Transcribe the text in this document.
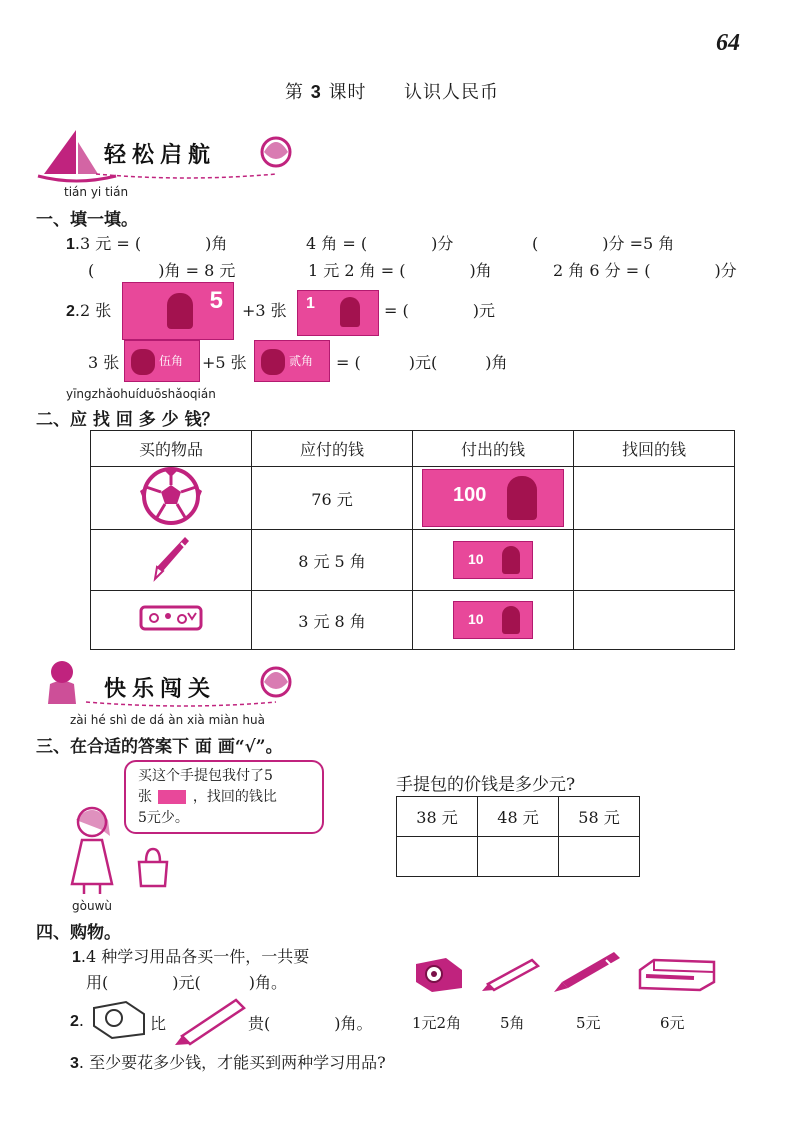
64
第 3 课时 认识人民币
轻松启航
tián yi tián
一、填一填。
1.3 元 = (　　　　)角	4 角 = (　　　　)分	(　　　　)分 =5 角
(　　　　)角 = 8 元	1 元 2 角 = (　　　　)角	2 角 6 分 = (　　　　)分
2.2 张	5 +3 张 1	= (　　　　)元
3 张	伍角 +5 张	贰角 = (　　　)元(　　　)角
yīngzhǎohuíduōshǎoqián
二、应 找 回 多 少 钱？
买的物品	应付的钱	付出的钱	找回的钱
	76 元	100	

	8 元 5 角	10	

	3 元 8 角	10	

快乐闯关
zài hé shì de dá àn xià miàn huà
三、在合适的答案下 面 画“√”。
买这个手提包我付了5
张	，找回的钱比
5元少。
手提包的价钱是多少元?
38 元	48 元	58 元

gòuwù
四、购物。
1.4 种学习用品各买一件，一共要
用(　　　　)元(　　　)角。
1元2角	5角	5元	6元
2.	比	贵(　　　　)角。
3. 至少要花多少钱，才能买到两种学习用品?
